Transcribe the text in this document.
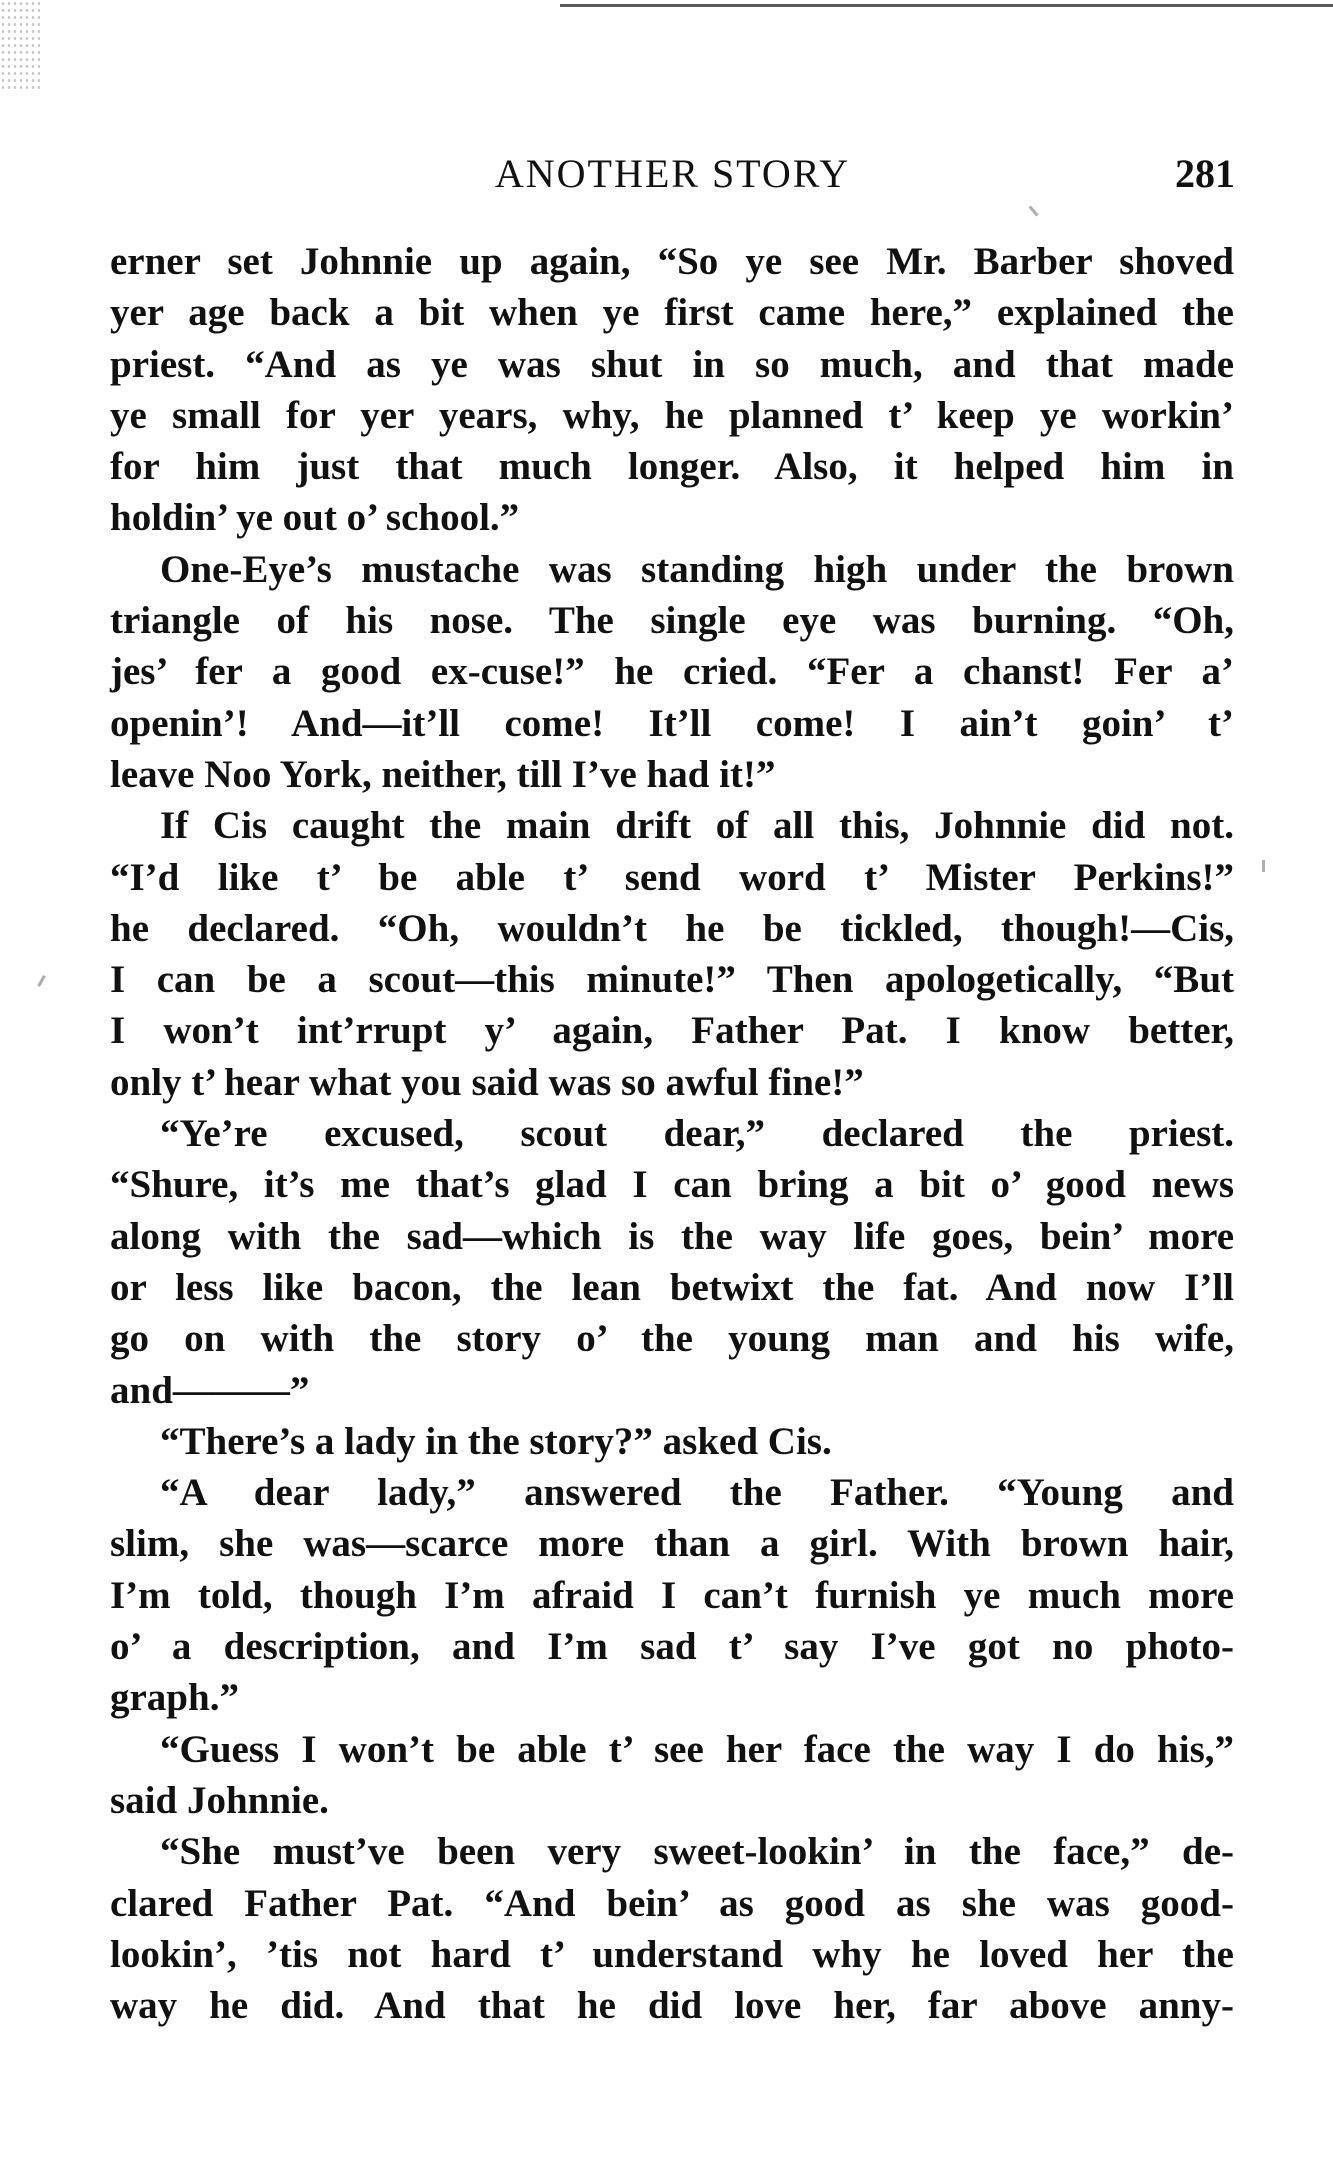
ANOTHER STORY	281
erner set Johnnie up again, “So ye see Mr. Barber shoved
yer age back a bit when ye first came here,” explained the
priest. “And as ye was shut in so much, and that made
ye small for yer years, why, he planned t’ keep ye workin’
for him just that much longer. Also, it helped him in
holdin’ ye out o’ school.”
One-Eye’s mustache was standing high under the brown
triangle of his nose. The single eye was burning. “Oh,
jes’ fer a good ex-cuse!” he cried. “Fer a chanst! Fer a’
openin’! And—it’ll come! It’ll come! I ain’t goin’ t’
leave Noo York, neither, till I’ve had it!”
If Cis caught the main drift of all this, Johnnie did not.
“I’d like t’ be able t’ send word t’ Mister Perkins!”
he declared. “Oh, wouldn’t he be tickled, though!—Cis,
I can be a scout—this minute!” Then apologetically, “But
I won’t int’rrupt y’ again, Father Pat. I know better,
only t’ hear what you said was so awful fine!”
“Ye’re excused, scout dear,” declared the priest.
“Shure, it’s me that’s glad I can bring a bit o’ good news
along with the sad—which is the way life goes, bein’ more
or less like bacon, the lean betwixt the fat. And now I’ll
go on with the story o’ the young man and his wife,
and———”
“There’s a lady in the story?” asked Cis.
“A dear lady,” answered the Father. “Young and
slim, she was—scarce more than a girl. With brown hair,
I’m told, though I’m afraid I can’t furnish ye much more
o’ a description, and I’m sad t’ say I’ve got no photo-
graph.”
“Guess I won’t be able t’ see her face the way I do his,”
said Johnnie.
“She must’ve been very sweet-lookin’ in the face,” de-
clared Father Pat. “And bein’ as good as she was good-
lookin’, ’tis not hard t’ understand why he loved her the
way he did. And that he did love her, far above anny-
